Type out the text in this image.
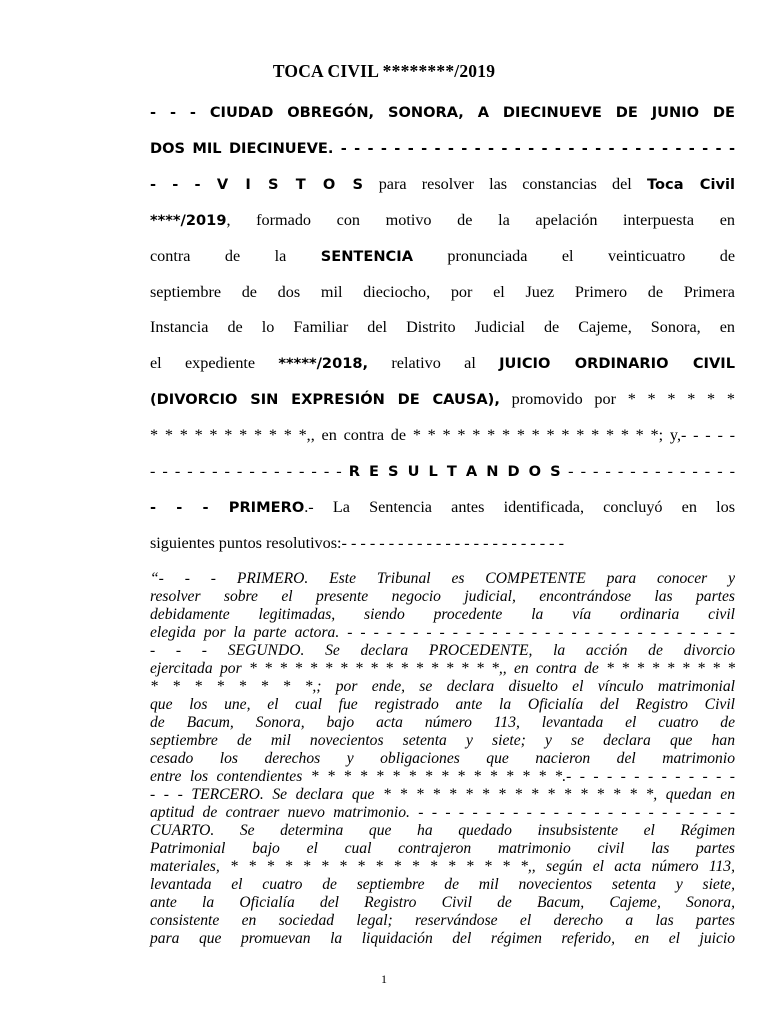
TOCA CIVIL ********/2019
- - - CIUDAD OBREGÓN, SONORA, A DIECINUEVE DE JUNIO DE
DOS MIL DIECINUEVE. - - - - - - - - - - - - - - - - - - - - - - - - - - - - - -
- - - V I S T O S para resolver las constancias del Toca Civil
****/2019, formado con motivo de la apelación interpuesta en
contra de la SENTENCIA pronunciada el veinticuatro de
septiembre de dos mil dieciocho, por el Juez Primero de Primera
Instancia de lo Familiar del Distrito Judicial de Cajeme, Sonora, en
el expediente *****/2018, relativo al JUICIO ORDINARIO CIVIL
(DIVORCIO SIN EXPRESIÓN DE CAUSA), promovido por * * * * * *
* * * * * * * * * * *,, en contra de * * * * * * * * * * * * * * * * *; y,- - - - -
- - - - - - - - - - - - - - - - R E S U L T A N D O S - - - - - - - - - - - - - -
- - - PRIMERO.- La Sentencia antes identificada, concluyó en los
siguientes puntos resolutivos:- - - - - - - - - - - - - - - - - - - - - - - -
“- - - PRIMERO. Este Tribunal es COMPETENTE para conocer y
resolver sobre el presente negocio judicial, encontrándose las partes
debidamente legitimadas, siendo procedente la vía ordinaria civil
elegida por la parte actora. - - - - - - - - - - - - - - - - - - - - - - - - - - - - - -
- - - SEGUNDO. Se declara PROCEDENTE, la acción de divorcio
ejercitada por * * * * * * * * * * * * * * * * *,, en contra de * * * * * * * * *
* * * * * * * *,; por ende, se declara disuelto el vínculo matrimonial
que los une, el cual fue registrado ante la Oficialía del Registro Civil
de Bacum, Sonora, bajo acta número 113, levantada el cuatro de
septiembre de mil novecientos setenta y siete; y se declara que han
cesado los derechos y obligaciones que nacieron del matrimonio
entre los contendientes * * * * * * * * * * * * * * * *.- - - - - - - - - - - - -
- - - TERCERO. Se declara que * * * * * * * * * * * * * * * * *, quedan en
aptitud de contraer nuevo matrimonio. - - - - - - - - - - - - - - - - - - - - - - - -
CUARTO. Se determina que ha quedado insubsistente el Régimen
Patrimonial bajo el cual contrajeron matrimonio civil las partes
materiales, * * * * * * * * * * * * * * * * *,, según el acta número 113,
levantada el cuatro de septiembre de mil novecientos setenta y siete,
ante la Oficialía del Registro Civil de Bacum, Cajeme, Sonora,
consistente en sociedad legal; reservándose el derecho a las partes
para que promuevan la liquidación del régimen referido, en el juicio
1
